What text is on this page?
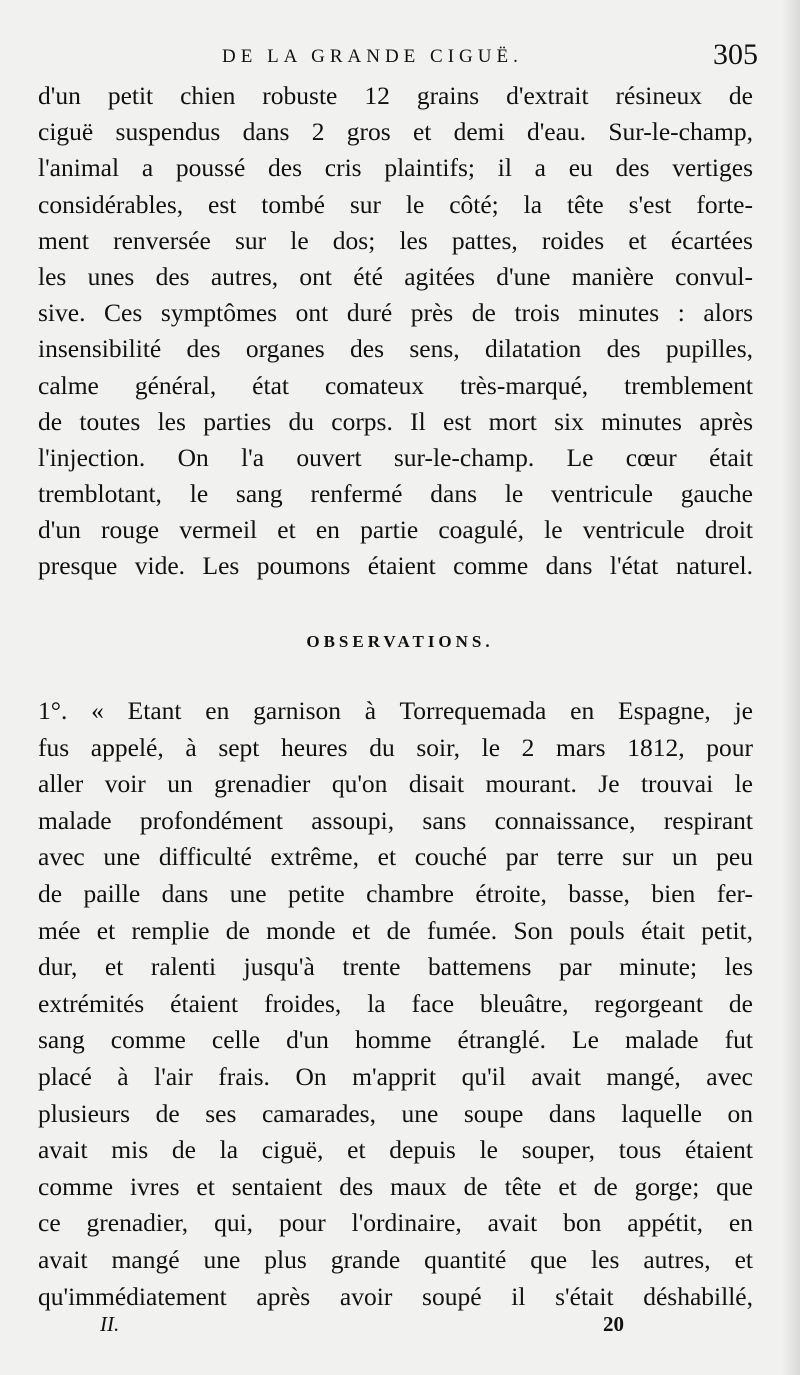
DE LA GRANDE CIGUË.	305
d'un petit chien robuste 12 grains d'extrait résineux de
ciguë suspendus dans 2 gros et demi d'eau. Sur-le-champ,
l'animal a poussé des cris plaintifs; il a eu des vertiges
considérables, est tombé sur le côté; la tête s'est forte-
ment renversée sur le dos; les pattes, roides et écartées
les unes des autres, ont été agitées d'une manière convul-
sive. Ces symptômes ont duré près de trois minutes : alors
insensibilité des organes des sens, dilatation des pupilles,
calme général, état comateux très-marqué, tremblement
de toutes les parties du corps. Il est mort six minutes après
l'injection. On l'a ouvert sur-le-champ. Le cœur était
tremblotant, le sang renfermé dans le ventricule gauche
d'un rouge vermeil et en partie coagulé, le ventricule droit
presque vide. Les poumons étaient comme dans l'état naturel.
OBSERVATIONS.
1°. « Etant en garnison à Torrequemada en Espagne, je
fus appelé, à sept heures du soir, le 2 mars 1812, pour
aller voir un grenadier qu'on disait mourant. Je trouvai le
malade profondément assoupi, sans connaissance, respirant
avec une difficulté extrême, et couché par terre sur un peu
de paille dans une petite chambre étroite, basse, bien fer-
mée et remplie de monde et de fumée. Son pouls était petit,
dur, et ralenti jusqu'à trente battemens par minute; les
extrémités étaient froides, la face bleuâtre, regorgeant de
sang comme celle d'un homme étranglé. Le malade fut
placé à l'air frais. On m'apprit qu'il avait mangé, avec
plusieurs de ses camarades, une soupe dans laquelle on
avait mis de la ciguë, et depuis le souper, tous étaient
comme ivres et sentaient des maux de tête et de gorge; que
ce grenadier, qui, pour l'ordinaire, avait bon appétit, en
avait mangé une plus grande quantité que les autres, et
qu'immédiatement après avoir soupé il s'était déshabillé,
II.	20
